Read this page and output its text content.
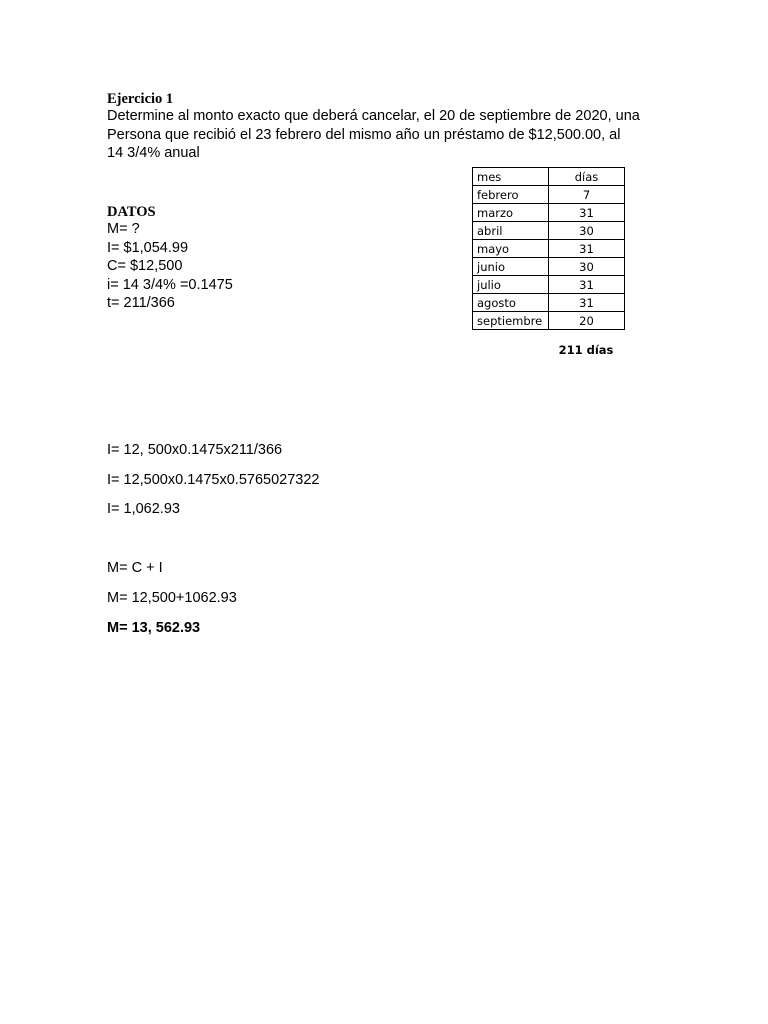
Ejercicio 1
Determine al monto exacto que deberá cancelar, el 20 de septiembre de 2020, una
Persona que recibió el 23 febrero del mismo año un préstamo de $12,500.00, al
14 3/4% anual
DATOS
M= ?
I= $1,054.99
C= $12,500
i= 14 3/4% =0.1475
t= 211/366
mes	días
febrero	7
marzo	31
abril	30
mayo	31
junio	30
julio	31
agosto	31
septiembre	20
211 días
I= 12, 500x0.1475x211/366
I= 12,500x0.1475x0.5765027322
I= 1,062.93
M= C + I
M= 12,500+1062.93
M= 13, 562.93
